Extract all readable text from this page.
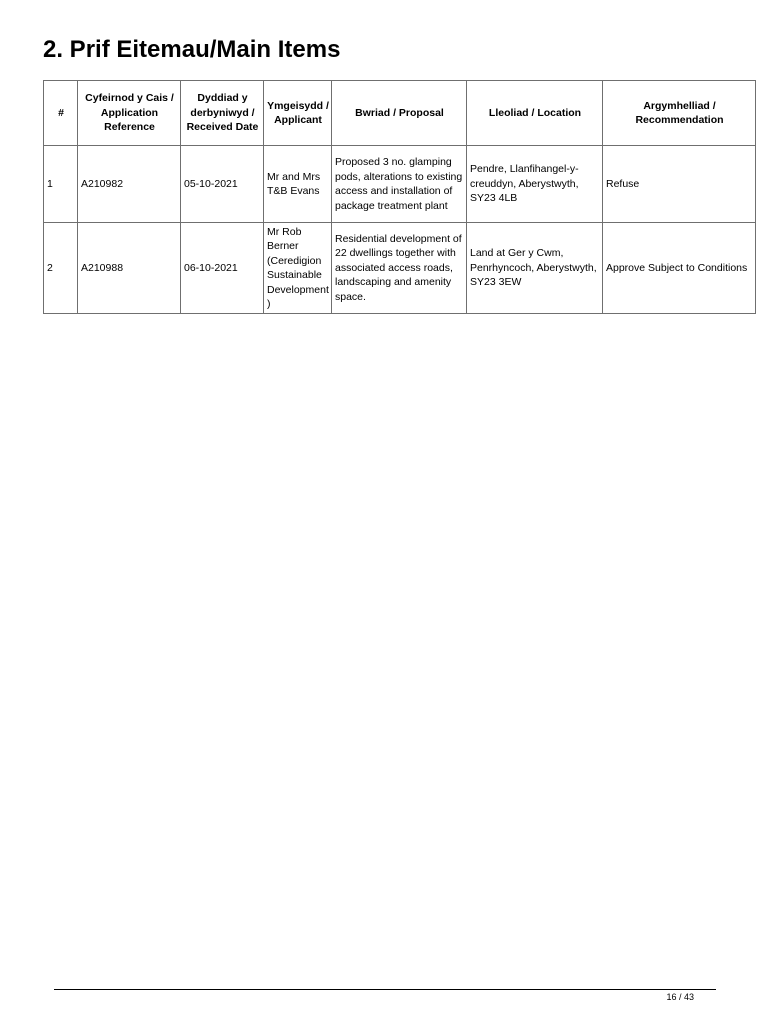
2. Prif Eitemau/Main Items
#	Cyfeirnod y Cais / Application Reference	Dyddiad y derbyniwyd / Received Date	Ymgeisydd / Applicant	Bwriad / Proposal	Lleoliad / Location	Argymhelliad / Recommendation
1	A210982	05-10-2021	Mr and Mrs T&B Evans	Proposed 3 no. glamping pods, alterations to existing access and installation of package treatment plant	Pendre, Llanfihangel-y-creuddyn, Aberystwyth, SY23 4LB	Refuse
2	A210988	06-10-2021	Mr Rob Berner (Ceredigion Sustainable Development)	Residential development of 22 dwellings together with associated access roads, landscaping and amenity space.	Land at Ger y Cwm, Penrhyncoch, Aberystwyth, SY23 3EW	Approve Subject to Conditions
16 / 43
